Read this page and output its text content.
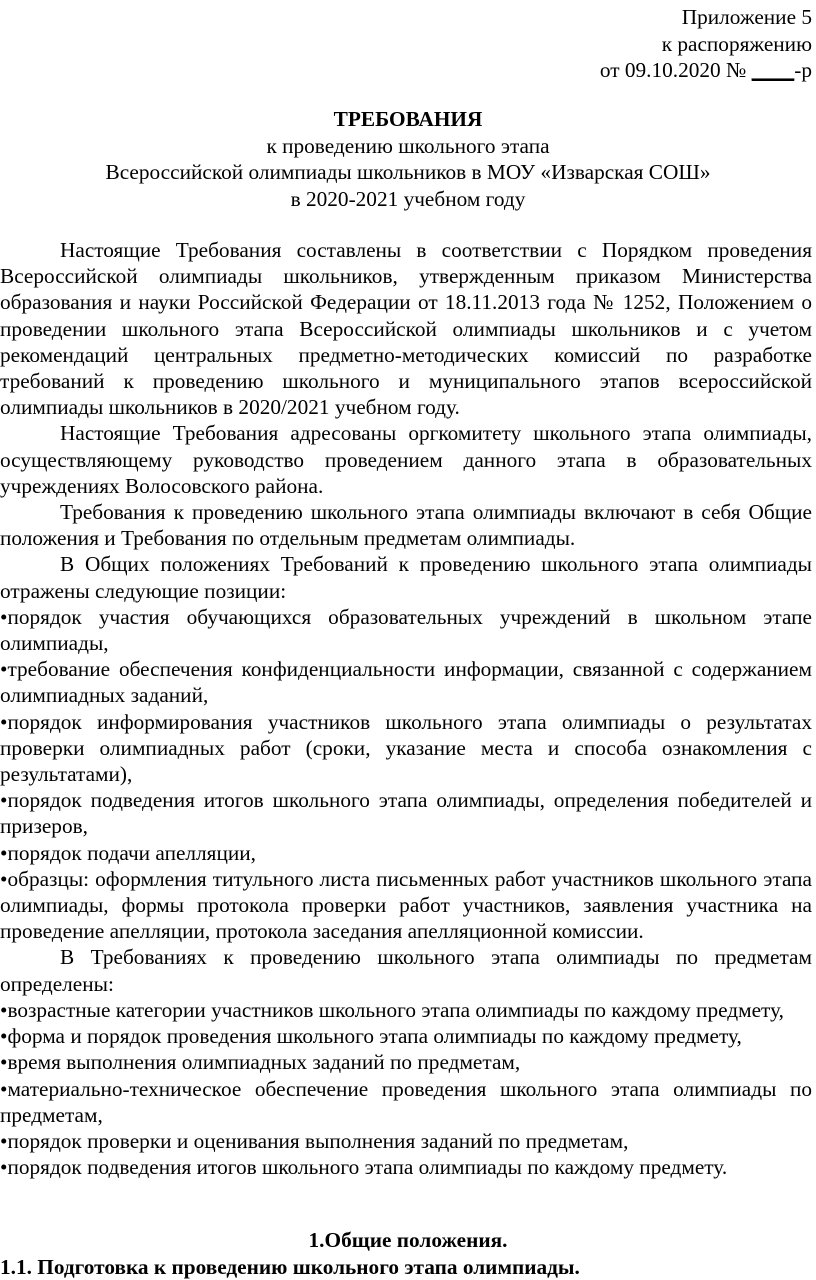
Приложение 5
к распоряжению
от 09.10.2020 № ____-р
ТРЕБОВАНИЯ
к проведению школьного этапа
Всероссийской олимпиады школьников в МОУ «Изварская СОШ»
в 2020-2021 учебном году

Настоящие Требования составлены в соответствии с Порядком проведения Всероссийской олимпиады школьников, утвержденным приказом Министерства образования и науки Российской Федерации от 18.11.2013 года № 1252, Положением о проведении школьного этапа Всероссийской олимпиады школьников и с учетом рекомендаций центральных предметно-методических комиссий по разработке требований к проведению школьного и муниципального этапов всероссийской олимпиады школьников в 2020/2021 учебном году.

Настоящие Требования адресованы оргкомитету школьного этапа олимпиады, осуществляющему руководство проведением данного этапа в образовательных учреждениях Волосовского района.

Требования к проведению школьного этапа олимпиады включают в себя Общие положения и Требования по отдельным предметам олимпиады.

В Общих положениях Требований к проведению школьного этапа олимпиады отражены следующие позиции:

•порядок участия обучающихся образовательных учреждений в школьном этапе олимпиады,

•требование обеспечения конфиденциальности информации, связанной с содержанием олимпиадных заданий,

•порядок информирования участников школьного этапа олимпиады о результатах проверки олимпиадных работ (сроки, указание места и способа ознакомления с результатами),

•порядок подведения итогов школьного этапа олимпиады, определения победителей и призеров,

•порядок подачи апелляции,

•образцы: оформления титульного листа письменных работ участников школьного этапа олимпиады, формы протокола проверки работ участников, заявления участника на проведение апелляции, протокола заседания апелляционной комиссии.

В Требованиях к проведению школьного этапа олимпиады по предметам определены:

•возрастные категории участников школьного этапа олимпиады по каждому предмету,

•форма и порядок проведения школьного этапа олимпиады по каждому предмету,

•время выполнения олимпиадных заданий по предметам,

•материально-техническое обеспечение проведения школьного этапа олимпиады по предметам,

•порядок проверки и оценивания выполнения заданий по предметам,

•порядок подведения итогов школьного этапа олимпиады по каждому предмету.

1.Общие положения.
1.1. Подготовка к проведению школьного этапа олимпиады.
